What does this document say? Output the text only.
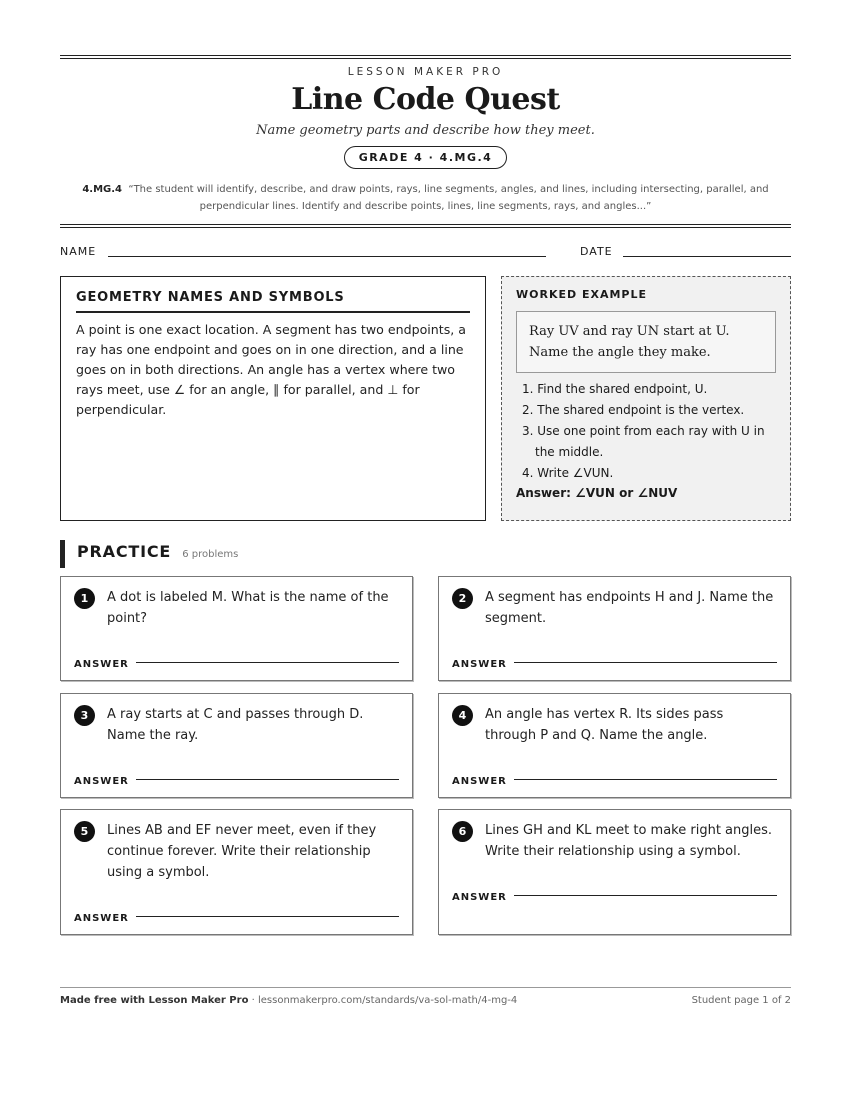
LESSON MAKER PRO
Line Code Quest
Name geometry parts and describe how they meet.
GRADE 4 · 4.MG.4
4.MG.4 “The student will identify, describe, and draw points, rays, line segments, angles, and lines, including intersecting, parallel, and perpendicular lines. Identify and describe points, lines, line segments, rays, and angles...”
NAME	DATE
GEOMETRY NAMES AND SYMBOLS
A point is one exact location. A segment has two endpoints, a ray has one endpoint and goes on in one direction, and a line goes on in both directions. An angle has a vertex where two rays meet, use ∠ for an angle, ∥ for parallel, and ⊥ for perpendicular.
WORKED EXAMPLE
Ray UV and ray UN start at U. Name the angle they make.
1. Find the shared endpoint, U.
2. The shared endpoint is the vertex.
3. Use one point from each ray with U in the middle.
4. Write ∠VUN.
Answer: ∠VUN or ∠NUV
PRACTICE 6 problems
1	A dot is labeled M. What is the name of the point?
ANSWER
2	A segment has endpoints H and J. Name the segment.
ANSWER
3	A ray starts at C and passes through D. Name the ray.
ANSWER
4	An angle has vertex R. Its sides pass through P and Q. Name the angle.
ANSWER
5	Lines AB and EF never meet, even if they continue forever. Write their relationship using a symbol.
ANSWER
6	Lines GH and KL meet to make right angles. Write their relationship using a symbol.
ANSWER
Made free with Lesson Maker Pro · lessonmakerpro.com/standards/va-sol-math/4-mg-4	Student page 1 of 2
